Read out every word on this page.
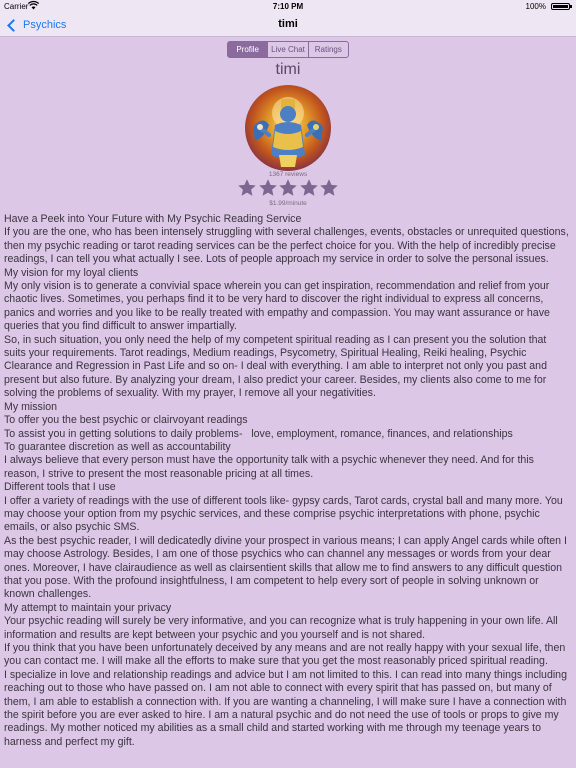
Carrier	7:10 PM	100%
Psychics	timi
Profile	Live Chat	Ratings
timi
1367 reviews
$1.99/minute

Have a Peek into Your Future with My Psychic Reading Service

If you are the one, who has been intensely struggling with several challenges, events, obstacles or unrequited questions, then my psychic reading or tarot reading services can be the perfect choice for you. With the help of incredibly precise readings, I can tell you what actually I see. Lots of people approach my service in order to solve the personal issues.

My vision for my loyal clients

My only vision is to generate a convivial space wherein you can get inspiration, recommendation and relief from your chaotic lives. Sometimes, you perhaps find it to be very hard to discover the right individual to express all concerns, panics and worries and you like to be really treated with empathy and compassion. You may want assurance or have queries that you find difficult to answer impartially.

So, in such situation, you only need the help of my competent spiritual reading as I can present you the solution that suits your requirements. Tarot readings, Medium readings, Psycometry, Spiritual Healing, Reiki healing, Psychic Clearance and Regression in Past Life and so on- I deal with everything. I am able to interpret not only you past and present but also future. By analyzing your dream, I also predict your career. Besides, my clients also come to me for solving the problems of sexuality. With my prayer, I remove all your negativities.

My mission

To offer you the best psychic or clairvoyant readings

To assist you in getting solutions to daily problems-   love, employment, romance, finances, and relationships

To guarantee discretion as well as accountability

I always believe that every person must have the opportunity talk with a psychic whenever they need. And for this reason, I strive to present the most reasonable pricing at all times.

Different tools that I use

I offer a variety of readings with the use of different tools like- gypsy cards, Tarot cards, crystal ball and many more. You may choose your option from my psychic services, and these comprise psychic interpretations with phone, psychic emails, or also psychic SMS.

As the best psychic reader, I will dedicatedly divine your prospect in various means; I can apply Angel cards while often I may choose Astrology. Besides, I am one of those psychics who can channel any messages or words from your dear ones. Moreover, I have clairaudience as well as clairsentient skills that allow me to find answers to any difficult question that you pose. With the profound insightfulness, I am competent to help every sort of people in solving unknown or known challenges.

My attempt to maintain your privacy

Your psychic reading will surely be very informative, and you can recognize what is truly happening in your own life. All information and results are kept between your psychic and you yourself and is not shared.

If you think that you have been unfortunately deceived by any means and are not really happy with your sexual life, then you can contact me. I will make all the efforts to make sure that you get the most reasonably priced spiritual reading.

I specialize in love and relationship readings and advice but I am not limited to this. I can read into many things including reaching out to those who have passed on. I am not able to connect with every spirit that has passed on, but many of them, I am able to establish a connection with. If you are wanting a channeling, I will make sure I have a connection with the spirit before you are ever asked to hire. I am a natural psychic and do not need the use of tools or props to give my readings. My mother noticed my abilities as a small child and started working with me through my teenage years to harness and perfect my gift.
